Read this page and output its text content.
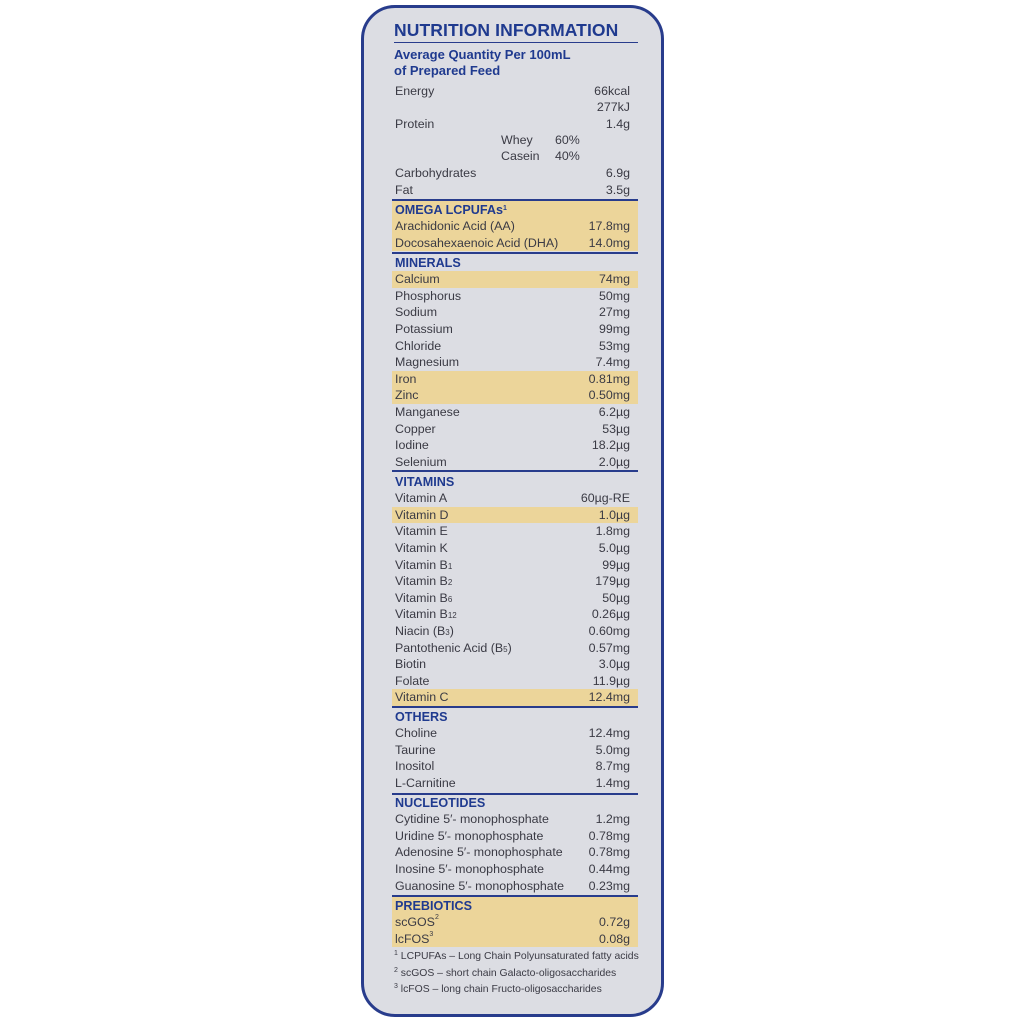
NUTRITION INFORMATION
Average Quantity Per 100mL
of Prepared Feed
Energy	66kcal
277kJ
Protein	1.4g
Whey 60%
Casein 40%
Carbohydrates	6.9g
Fat	3.5g
OMEGA LCPUFAs$^1$
Arachidonic Acid (AA)	17.8mg
Docosahexaenoic Acid (DHA) 14.0mg
MINERALS
Calcium	74mg
Phosphorus	50mg
Sodium	27mg
Potassium	99mg
Chloride	53mg
Magnesium	7.4mg
Iron	0.81mg
Zinc	0.50mg
Manganese	6.2µg
Copper	53µg
Iodine	18.2µg
Selenium	2.0µg
VITAMINS
Vitamin A	60µg-RE
Vitamin D	1.0µg
Vitamin E	1.8mg
Vitamin K	5.0µg
Vitamin B1	99µg
Vitamin B2	179µg
Vitamin B6	50µg
Vitamin B12	0.26µg
Niacin (B3)	0.60mg
Pantothenic Acid (B5)	0.57mg
Biotin	3.0µg
Folate	11.9µg
Vitamin C	12.4mg
OTHERS
Choline	12.4mg
Taurine	5.0mg
Inositol	8.7mg
L-Carnitine	1.4mg
NUCLEOTIDES
Cytidine 5′- monophosphate	1.2mg
Uridine 5′- monophosphate	0.78mg
Adenosine 5′- monophosphate 0.78mg
Inosine 5′- monophosphate	0.44mg
Guanosine 5′- monophosphate 0.23mg
PREBIOTICS
scGOS$^2$	0.72g
lcFOS$^3$	0.08g
$^1$ LCPUFAs – Long Chain Polyunsaturated fatty acids
$^2$ scGOS – short chain Galacto-oligosaccharides
$^3$ lcFOS – long chain Fructo-oligosaccharides
